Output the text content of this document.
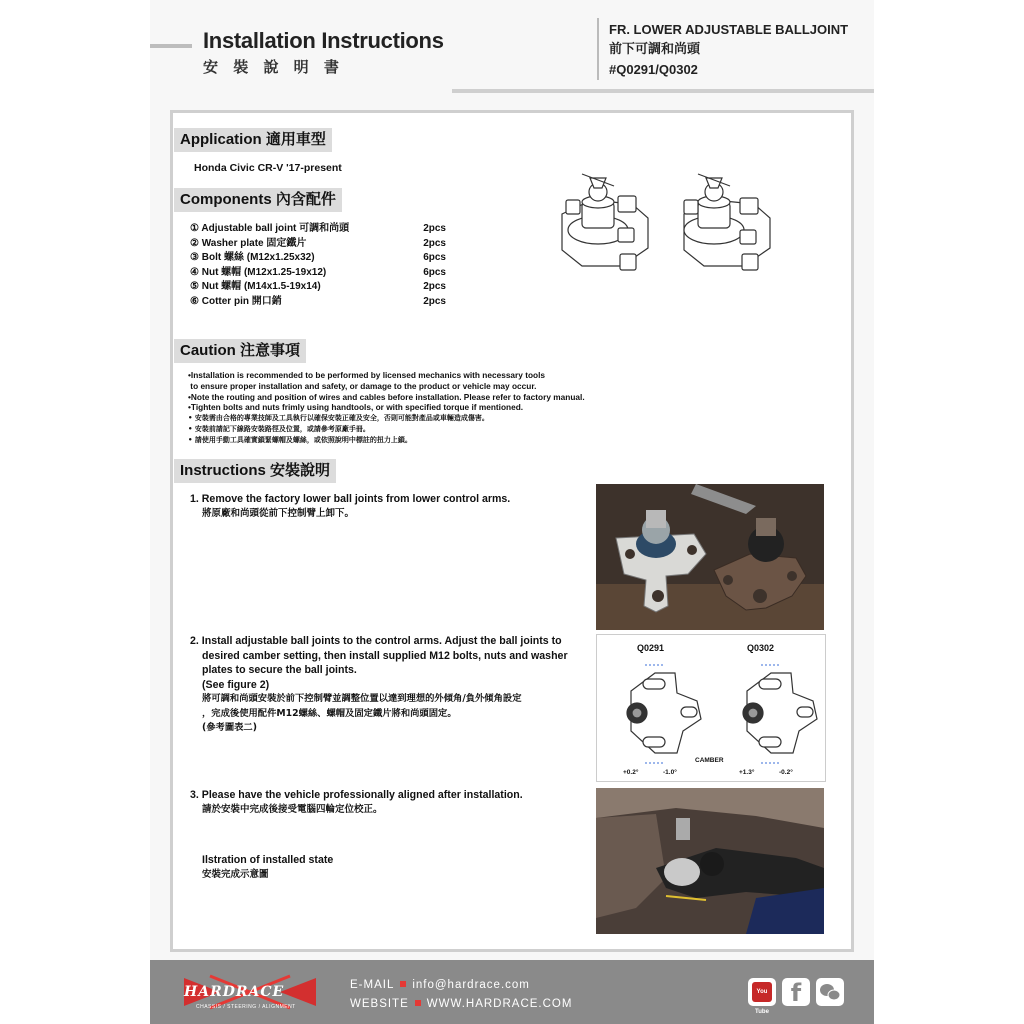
Installation Instructions
安 裝 說 明 書
FR. LOWER ADJUSTABLE BALLJOINT
前下可調和尚頭
#Q0291/Q0302
Application 適用車型
Honda Civic CR-V '17-present
Components 內含配件
① Adjustable ball joint 可調和尚頭	2pcs
② Washer plate 固定鐵片	2pcs
③ Bolt 螺絲 (M12x1.25x32)	6pcs
④ Nut 螺帽 (M12x1.25-19x12)	6pcs
⑤ Nut 螺帽 (M14x1.5-19x14)	2pcs
⑥ Cotter pin 開口銷	2pcs
Caution 注意事項
•Installation is recommended to be performed by licensed mechanics with necessary tools
to ensure proper installation and safety, or damage to the product or vehicle may occur.
•Note the routing and position of wires and cables before installation. Please refer to factory manual.
•Tighten bolts and nuts frimly using handtools, or with specified torque if mentioned.
• 安裝需由合格的專業技師及工具執行以確保安裝正確及安全，否則可能對產品或車輛造成傷害。
• 安裝前請記下線路安裝路徑及位置，或請參考原廠手冊。
• 請使用手動工具確實鎖緊螺帽及螺絲，或依照說明中標註的扭力上鎖。
Instructions 安裝說明
1. Remove the factory lower ball joints from lower control arms.
將原廠和尚頭從前下控制臂上卸下。
2. Install adjustable ball joints to the control arms. Adjust the ball joints to
desired camber setting, then install supplied M12 bolts, nuts and washer
plates to secure the ball joints.
(See figure 2)
將可調和尚頭安裝於前下控制臂並調整位置以達到理想的外傾角/負外傾角設定
，完成後使用配件M12螺絲、螺帽及固定鐵片將和尚頭固定。
(參考圖表二)
3. Please have the vehicle professionally aligned after installation.
請於安裝中完成後接受電腦四輪定位校正。
Ilstration of installed state
安裝完成示意圖
Q0291	Q0302
CAMBER
+0.2°	-1.0°	+1.3°	-0.2°
HARDRACE
CHASSIS / STEERING / ALIGNMENT
E-MAIL info@hardrace.com
WEBSITE WWW.HARDRACE.COM
You Tube
f
